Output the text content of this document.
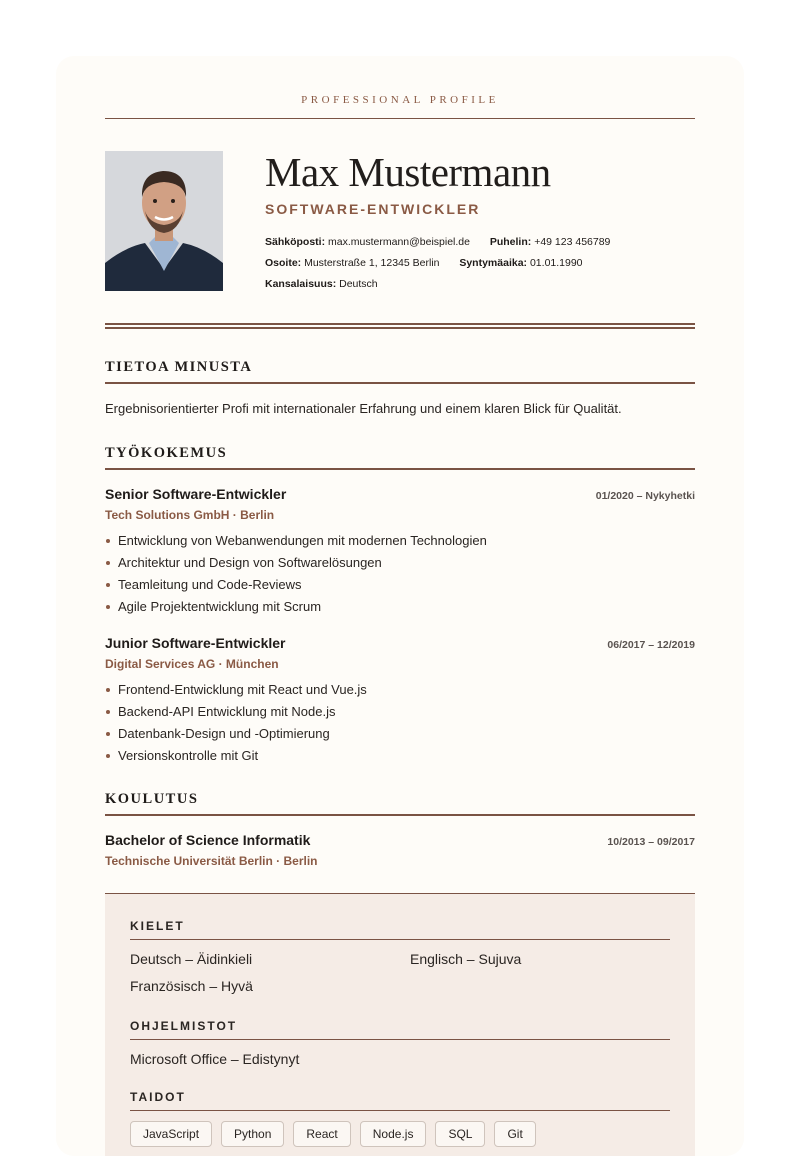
PROFESSIONAL PROFILE
Max Mustermann
SOFTWARE-ENTWICKLER
Sähköposti: max.mustermann@beispiel.de Puhelin: +49 123 456789
Osoite: Musterstraße 1, 12345 Berlin Syntymäaika: 01.01.1990
Kansalaisuus: Deutsch
TIETOA MINUSTA
Ergebnisorientierter Profi mit internationaler Erfahrung und einem klaren Blick für Qualität.
TYÖKOKEMUS
Senior Software-Entwickler	01/2020 – Nykyhetki
Tech Solutions GmbH · Berlin
Entwicklung von Webanwendungen mit modernen Technologien
Architektur und Design von Softwarelösungen
Teamleitung und Code-Reviews
Agile Projektentwicklung mit Scrum
Junior Software-Entwickler	06/2017 – 12/2019
Digital Services AG · München
Frontend-Entwicklung mit React und Vue.js
Backend-API Entwicklung mit Node.js
Datenbank-Design und -Optimierung
Versionskontrolle mit Git
KOULUTUS
Bachelor of Science Informatik	10/2013 – 09/2017
Technische Universität Berlin · Berlin
KIELET
Deutsch – Äidinkieli	Englisch – Sujuva
Französisch – Hyvä
OHJELMISTOT
Microsoft Office – Edistynyt
TAIDOT
JavaScript	Python	React	Node.js	SQL	Git
